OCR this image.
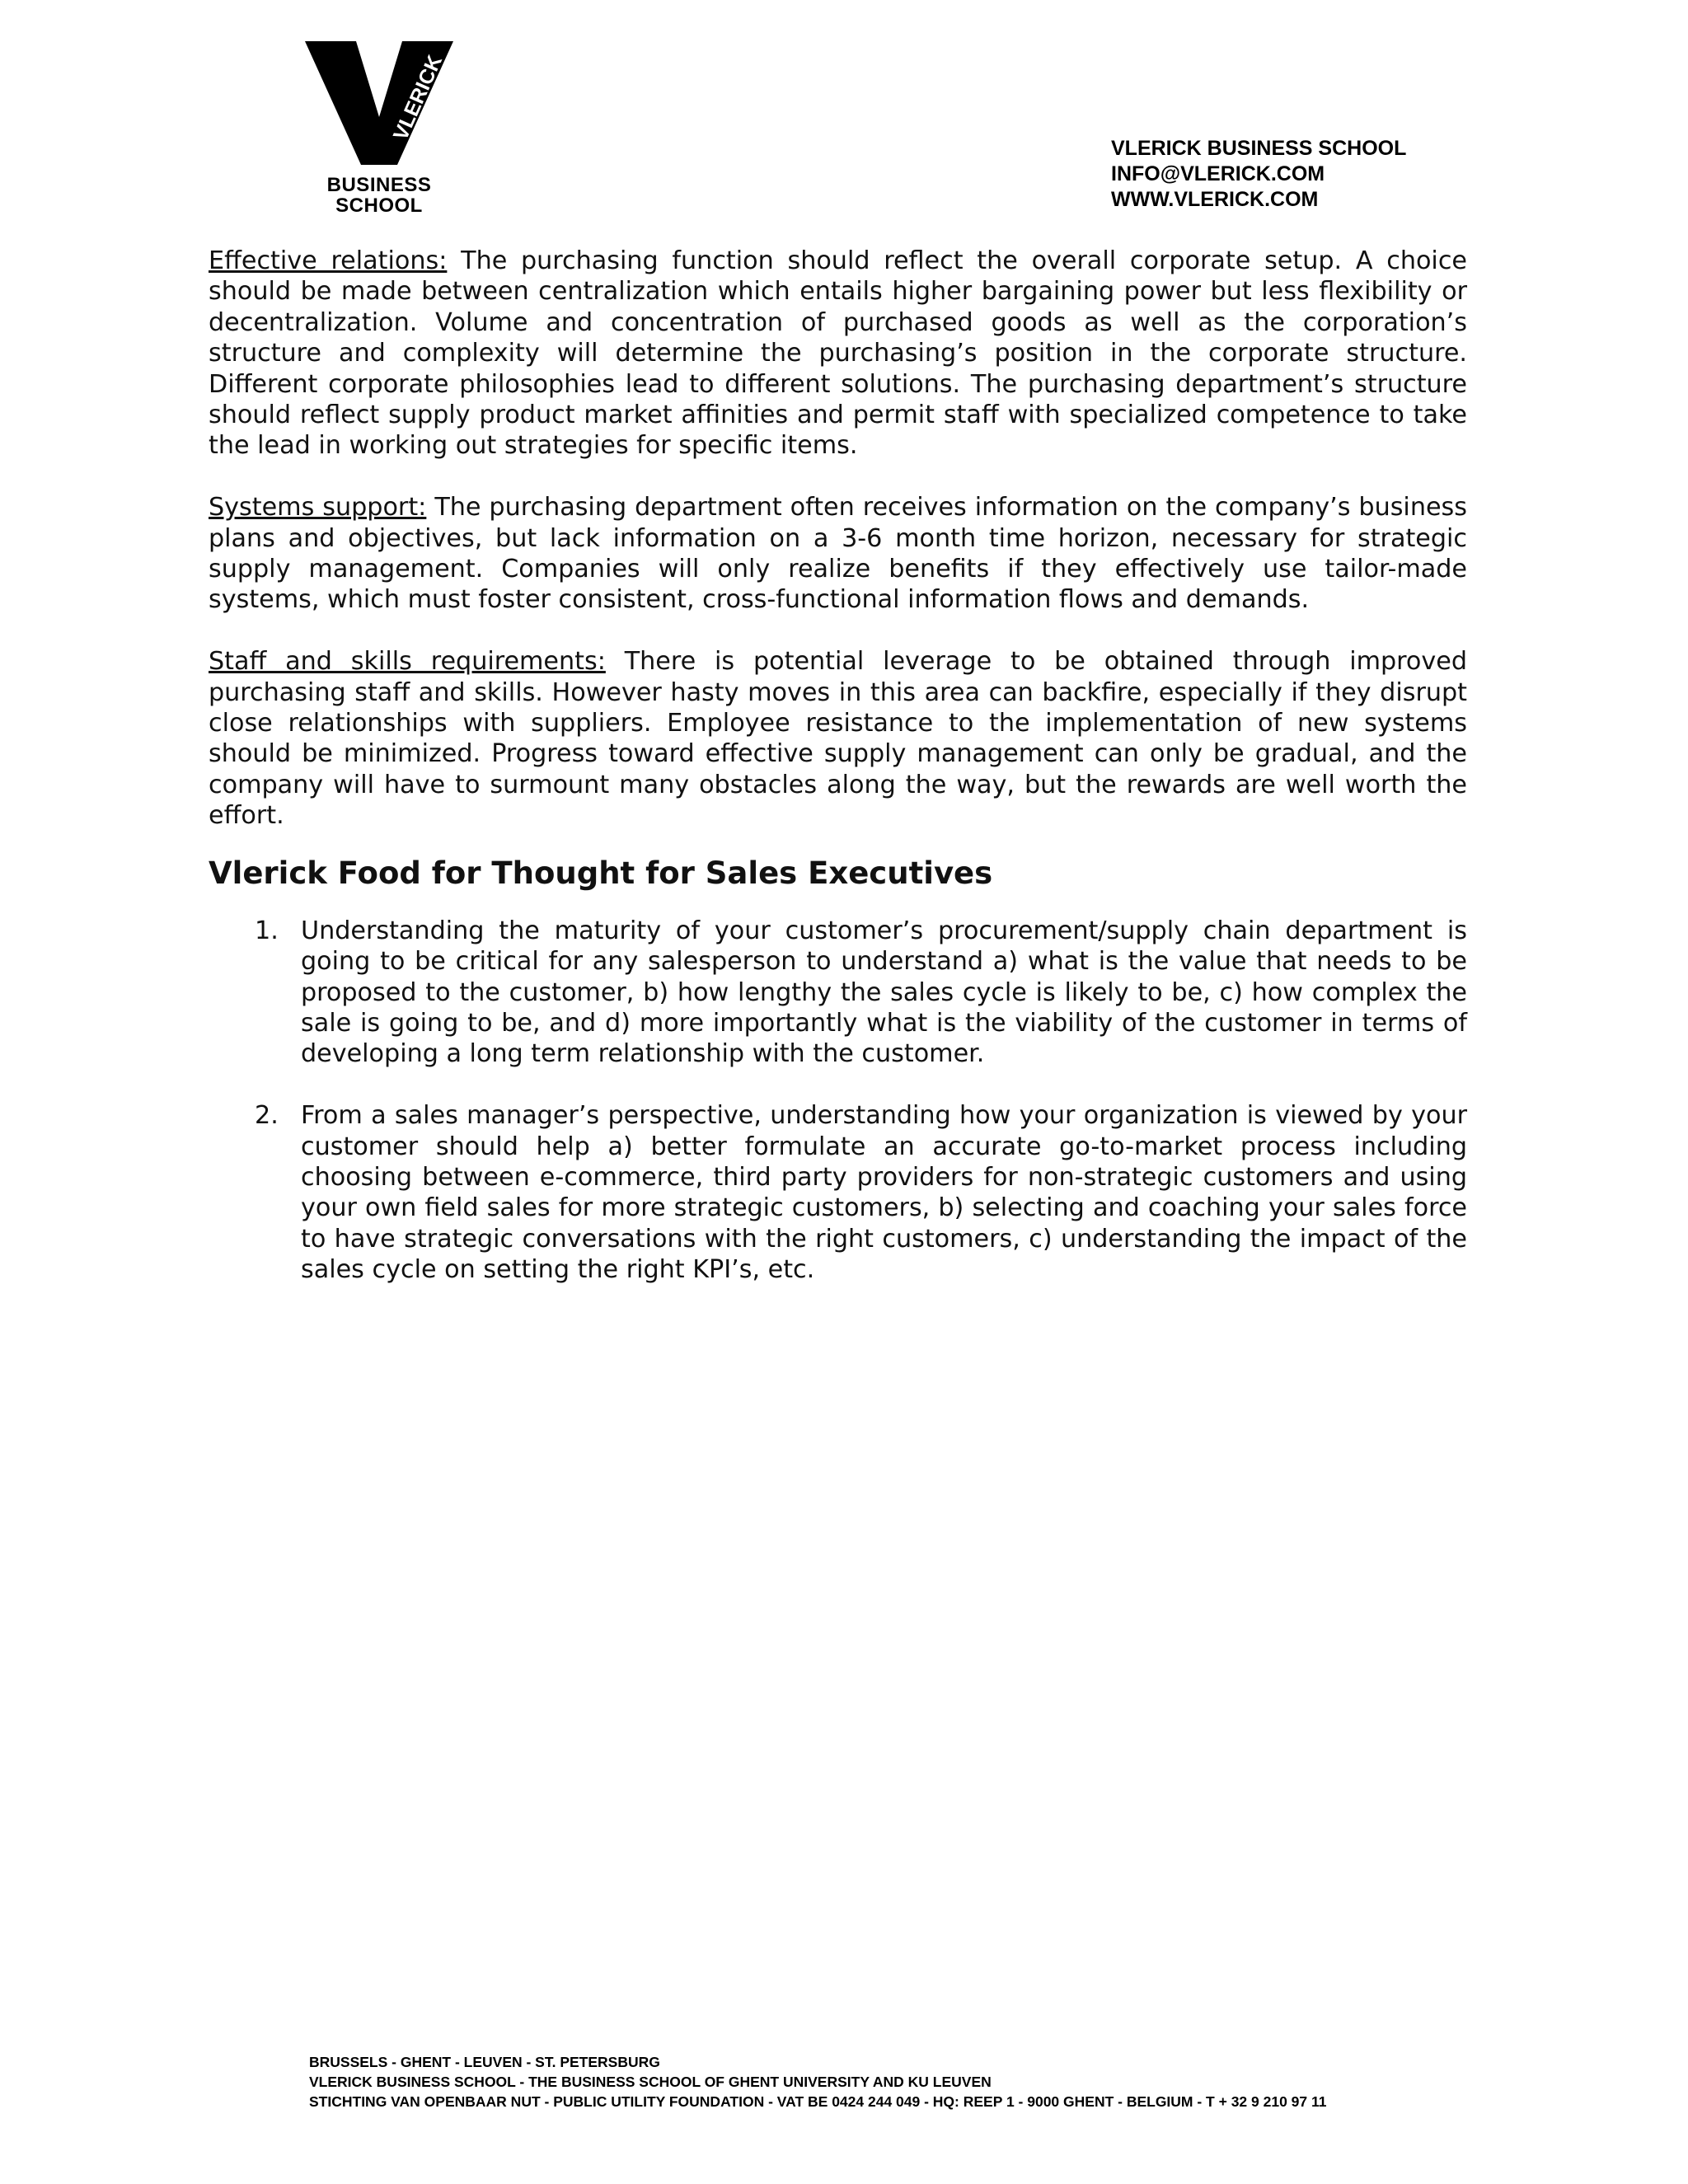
VLERICK
BUSINESS
SCHOOL
VLERICK BUSINESS SCHOOL
INFO@VLERICK.COM
WWW.VLERICK.COM

Effective relations: The purchasing function should reflect the overall corporate setup. A choice should be made between centralization which entails higher bargaining power but less flexibility or decentralization. Volume and concentration of purchased goods as well as the corporation’s structure and complexity will determine the purchasing’s position in the corporate structure. Different corporate philosophies lead to different solutions. The purchasing department’s structure should reflect supply product market affinities and permit staff with specialized competence to take the lead in working out strategies for specific items.

Systems support: The purchasing department often receives information on the company’s business plans and objectives, but lack information on a 3-6 month time horizon, necessary for strategic supply management. Companies will only realize benefits if they effectively use tailor-made systems, which must foster consistent, cross-functional information flows and demands.

Staff and skills requirements: There is potential leverage to be obtained through improved purchasing staff and skills. However hasty moves in this area can backfire, especially if they disrupt close relationships with suppliers. Employee resistance to the implementation of new systems should be minimized. Progress toward effective supply management can only be gradual, and the company will have to surmount many obstacles along the way, but the rewards are well worth the effort.

Vlerick Food for Thought for Sales Executives
1. Understanding the maturity of your customer’s procurement/supply chain department is going to be critical for any salesperson to understand a) what is the value that needs to be proposed to the customer, b) how lengthy the sales cycle is likely to be, c) how complex the sale is going to be, and d) more importantly what is the viability of the customer in terms of developing a long term relationship with the customer.
2. From a sales manager’s perspective, understanding how your organization is viewed by your customer should help a) better formulate an accurate go-to-market process including choosing between e-commerce, third party providers for non-strategic customers and using your own field sales for more strategic customers, b) selecting and coaching your sales force to have strategic conversations with the right customers, c) understanding the impact of the sales cycle on setting the right KPI’s, etc.
BRUSSELS - GHENT - LEUVEN - ST. PETERSBURG
VLERICK BUSINESS SCHOOL - THE BUSINESS SCHOOL OF GHENT UNIVERSITY AND KU LEUVEN
STICHTING VAN OPENBAAR NUT - PUBLIC UTILITY FOUNDATION - VAT BE 0424 244 049 - HQ: REEP 1 - 9000 GHENT - BELGIUM - T + 32 9 210 97 11
